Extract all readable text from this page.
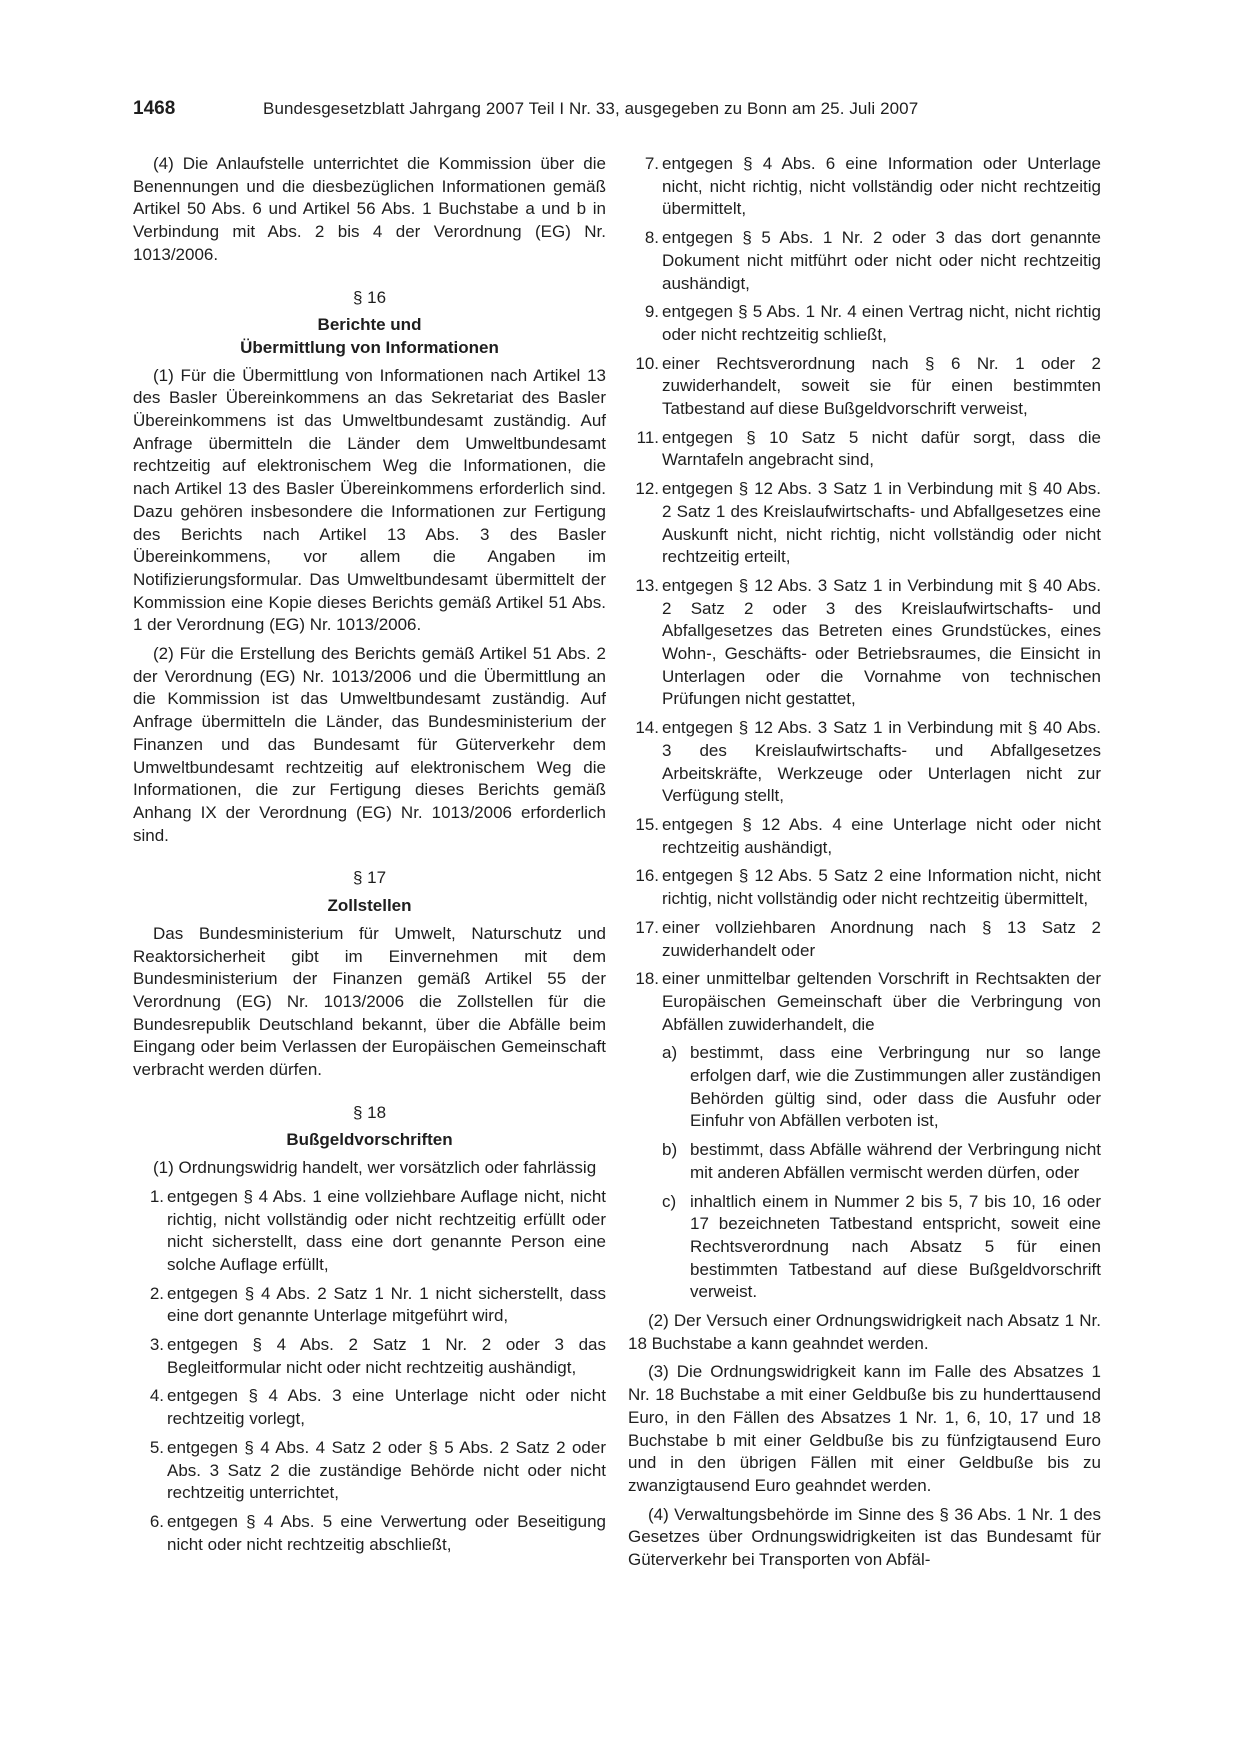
1468	Bundesgesetzblatt Jahrgang 2007 Teil I Nr. 33, ausgegeben zu Bonn am 25. Juli 2007

(4) Die Anlaufstelle unterrichtet die Kommission über die Benennungen und die diesbezüglichen Informationen gemäß Artikel 50 Abs. 6 und Artikel 56 Abs. 1 Buchstabe a und b in Verbindung mit Abs. 2 bis 4 der Verordnung (EG) Nr. 1013/2006.

§ 16
Berichte und
Übermittlung von Informationen

(1) Für die Übermittlung von Informationen nach Artikel 13 des Basler Übereinkommens an das Sekretariat des Basler Übereinkommens ist das Umweltbundesamt zuständig. Auf Anfrage übermitteln die Länder dem Umweltbundesamt rechtzeitig auf elektronischem Weg die Informationen, die nach Artikel 13 des Basler Übereinkommens erforderlich sind. Dazu gehören insbesondere die Informationen zur Fertigung des Berichts nach Artikel 13 Abs. 3 des Basler Übereinkommens, vor allem die Angaben im Notifizierungsformular. Das Umweltbundesamt übermittelt der Kommission eine Kopie dieses Berichts gemäß Artikel 51 Abs. 1 der Verordnung (EG) Nr. 1013/2006.

(2) Für die Erstellung des Berichts gemäß Artikel 51 Abs. 2 der Verordnung (EG) Nr. 1013/2006 und die Übermittlung an die Kommission ist das Umweltbundesamt zuständig. Auf Anfrage übermitteln die Länder, das Bundesministerium der Finanzen und das Bundesamt für Güterverkehr dem Umweltbundesamt rechtzeitig auf elektronischem Weg die Informationen, die zur Fertigung dieses Berichts gemäß Anhang IX der Verordnung (EG) Nr. 1013/2006 erforderlich sind.

§ 17
Zollstellen

Das Bundesministerium für Umwelt, Naturschutz und Reaktorsicherheit gibt im Einvernehmen mit dem Bundesministerium der Finanzen gemäß Artikel 55 der Verordnung (EG) Nr. 1013/2006 die Zollstellen für die Bundesrepublik Deutschland bekannt, über die Abfälle beim Eingang oder beim Verlassen der Europäischen Gemeinschaft verbracht werden dürfen.

§ 18
Bußgeldvorschriften

(1) Ordnungswidrig handelt, wer vorsätzlich oder fahrlässig

1. entgegen § 4 Abs. 1 eine vollziehbare Auflage nicht, nicht richtig, nicht vollständig oder nicht rechtzeitig erfüllt oder nicht sicherstellt, dass eine dort genannte Person eine solche Auflage erfüllt,
2. entgegen § 4 Abs. 2 Satz 1 Nr. 1 nicht sicherstellt, dass eine dort genannte Unterlage mitgeführt wird,
3. entgegen § 4 Abs. 2 Satz 1 Nr. 2 oder 3 das Begleitformular nicht oder nicht rechtzeitig aushändigt,
4. entgegen § 4 Abs. 3 eine Unterlage nicht oder nicht rechtzeitig vorlegt,
5. entgegen § 4 Abs. 4 Satz 2 oder § 5 Abs. 2 Satz 2 oder Abs. 3 Satz 2 die zuständige Behörde nicht oder nicht rechtzeitig unterrichtet,
6. entgegen § 4 Abs. 5 eine Verwertung oder Beseitigung nicht oder nicht rechtzeitig abschließt,
7. entgegen § 4 Abs. 6 eine Information oder Unterlage nicht, nicht richtig, nicht vollständig oder nicht rechtzeitig übermittelt,
8. entgegen § 5 Abs. 1 Nr. 2 oder 3 das dort genannte Dokument nicht mitführt oder nicht oder nicht rechtzeitig aushändigt,
9. entgegen § 5 Abs. 1 Nr. 4 einen Vertrag nicht, nicht richtig oder nicht rechtzeitig schließt,
10. einer Rechtsverordnung nach § 6 Nr. 1 oder 2 zuwiderhandelt, soweit sie für einen bestimmten Tatbestand auf diese Bußgeldvorschrift verweist,
11. entgegen § 10 Satz 5 nicht dafür sorgt, dass die Warntafeln angebracht sind,
12. entgegen § 12 Abs. 3 Satz 1 in Verbindung mit § 40 Abs. 2 Satz 1 des Kreislaufwirtschafts- und Abfallgesetzes eine Auskunft nicht, nicht richtig, nicht vollständig oder nicht rechtzeitig erteilt,
13. entgegen § 12 Abs. 3 Satz 1 in Verbindung mit § 40 Abs. 2 Satz 2 oder 3 des Kreislaufwirtschafts- und Abfallgesetzes das Betreten eines Grundstückes, eines Wohn-, Geschäfts- oder Betriebsraumes, die Einsicht in Unterlagen oder die Vornahme von technischen Prüfungen nicht gestattet,
14. entgegen § 12 Abs. 3 Satz 1 in Verbindung mit § 40 Abs. 3 des Kreislaufwirtschafts- und Abfallgesetzes Arbeitskräfte, Werkzeuge oder Unterlagen nicht zur Verfügung stellt,
15. entgegen § 12 Abs. 4 eine Unterlage nicht oder nicht rechtzeitig aushändigt,
16. entgegen § 12 Abs. 5 Satz 2 eine Information nicht, nicht richtig, nicht vollständig oder nicht rechtzeitig übermittelt,
17. einer vollziehbaren Anordnung nach § 13 Satz 2 zuwiderhandelt oder
18. einer unmittelbar geltenden Vorschrift in Rechtsakten der Europäischen Gemeinschaft über die Verbringung von Abfällen zuwiderhandelt, die
a) bestimmt, dass eine Verbringung nur so lange erfolgen darf, wie die Zustimmungen aller zuständigen Behörden gültig sind, oder dass die Ausfuhr oder Einfuhr von Abfällen verboten ist,
b) bestimmt, dass Abfälle während der Verbringung nicht mit anderen Abfällen vermischt werden dürfen, oder
c) inhaltlich einem in Nummer 2 bis 5, 7 bis 10, 16 oder 17 bezeichneten Tatbestand entspricht, soweit eine Rechtsverordnung nach Absatz 5 für einen bestimmten Tatbestand auf diese Bußgeldvorschrift verweist.

(2) Der Versuch einer Ordnungswidrigkeit nach Absatz 1 Nr. 18 Buchstabe a kann geahndet werden.

(3) Die Ordnungswidrigkeit kann im Falle des Absatzes 1 Nr. 18 Buchstabe a mit einer Geldbuße bis zu hunderttausend Euro, in den Fällen des Absatzes 1 Nr. 1, 6, 10, 17 und 18 Buchstabe b mit einer Geldbuße bis zu fünfzigtausend Euro und in den übrigen Fällen mit einer Geldbuße bis zu zwanzigtausend Euro geahndet werden.

(4) Verwaltungsbehörde im Sinne des § 36 Abs. 1 Nr. 1 des Gesetzes über Ordnungswidrigkeiten ist das Bundesamt für Güterverkehr bei Transporten von Abfäl-
